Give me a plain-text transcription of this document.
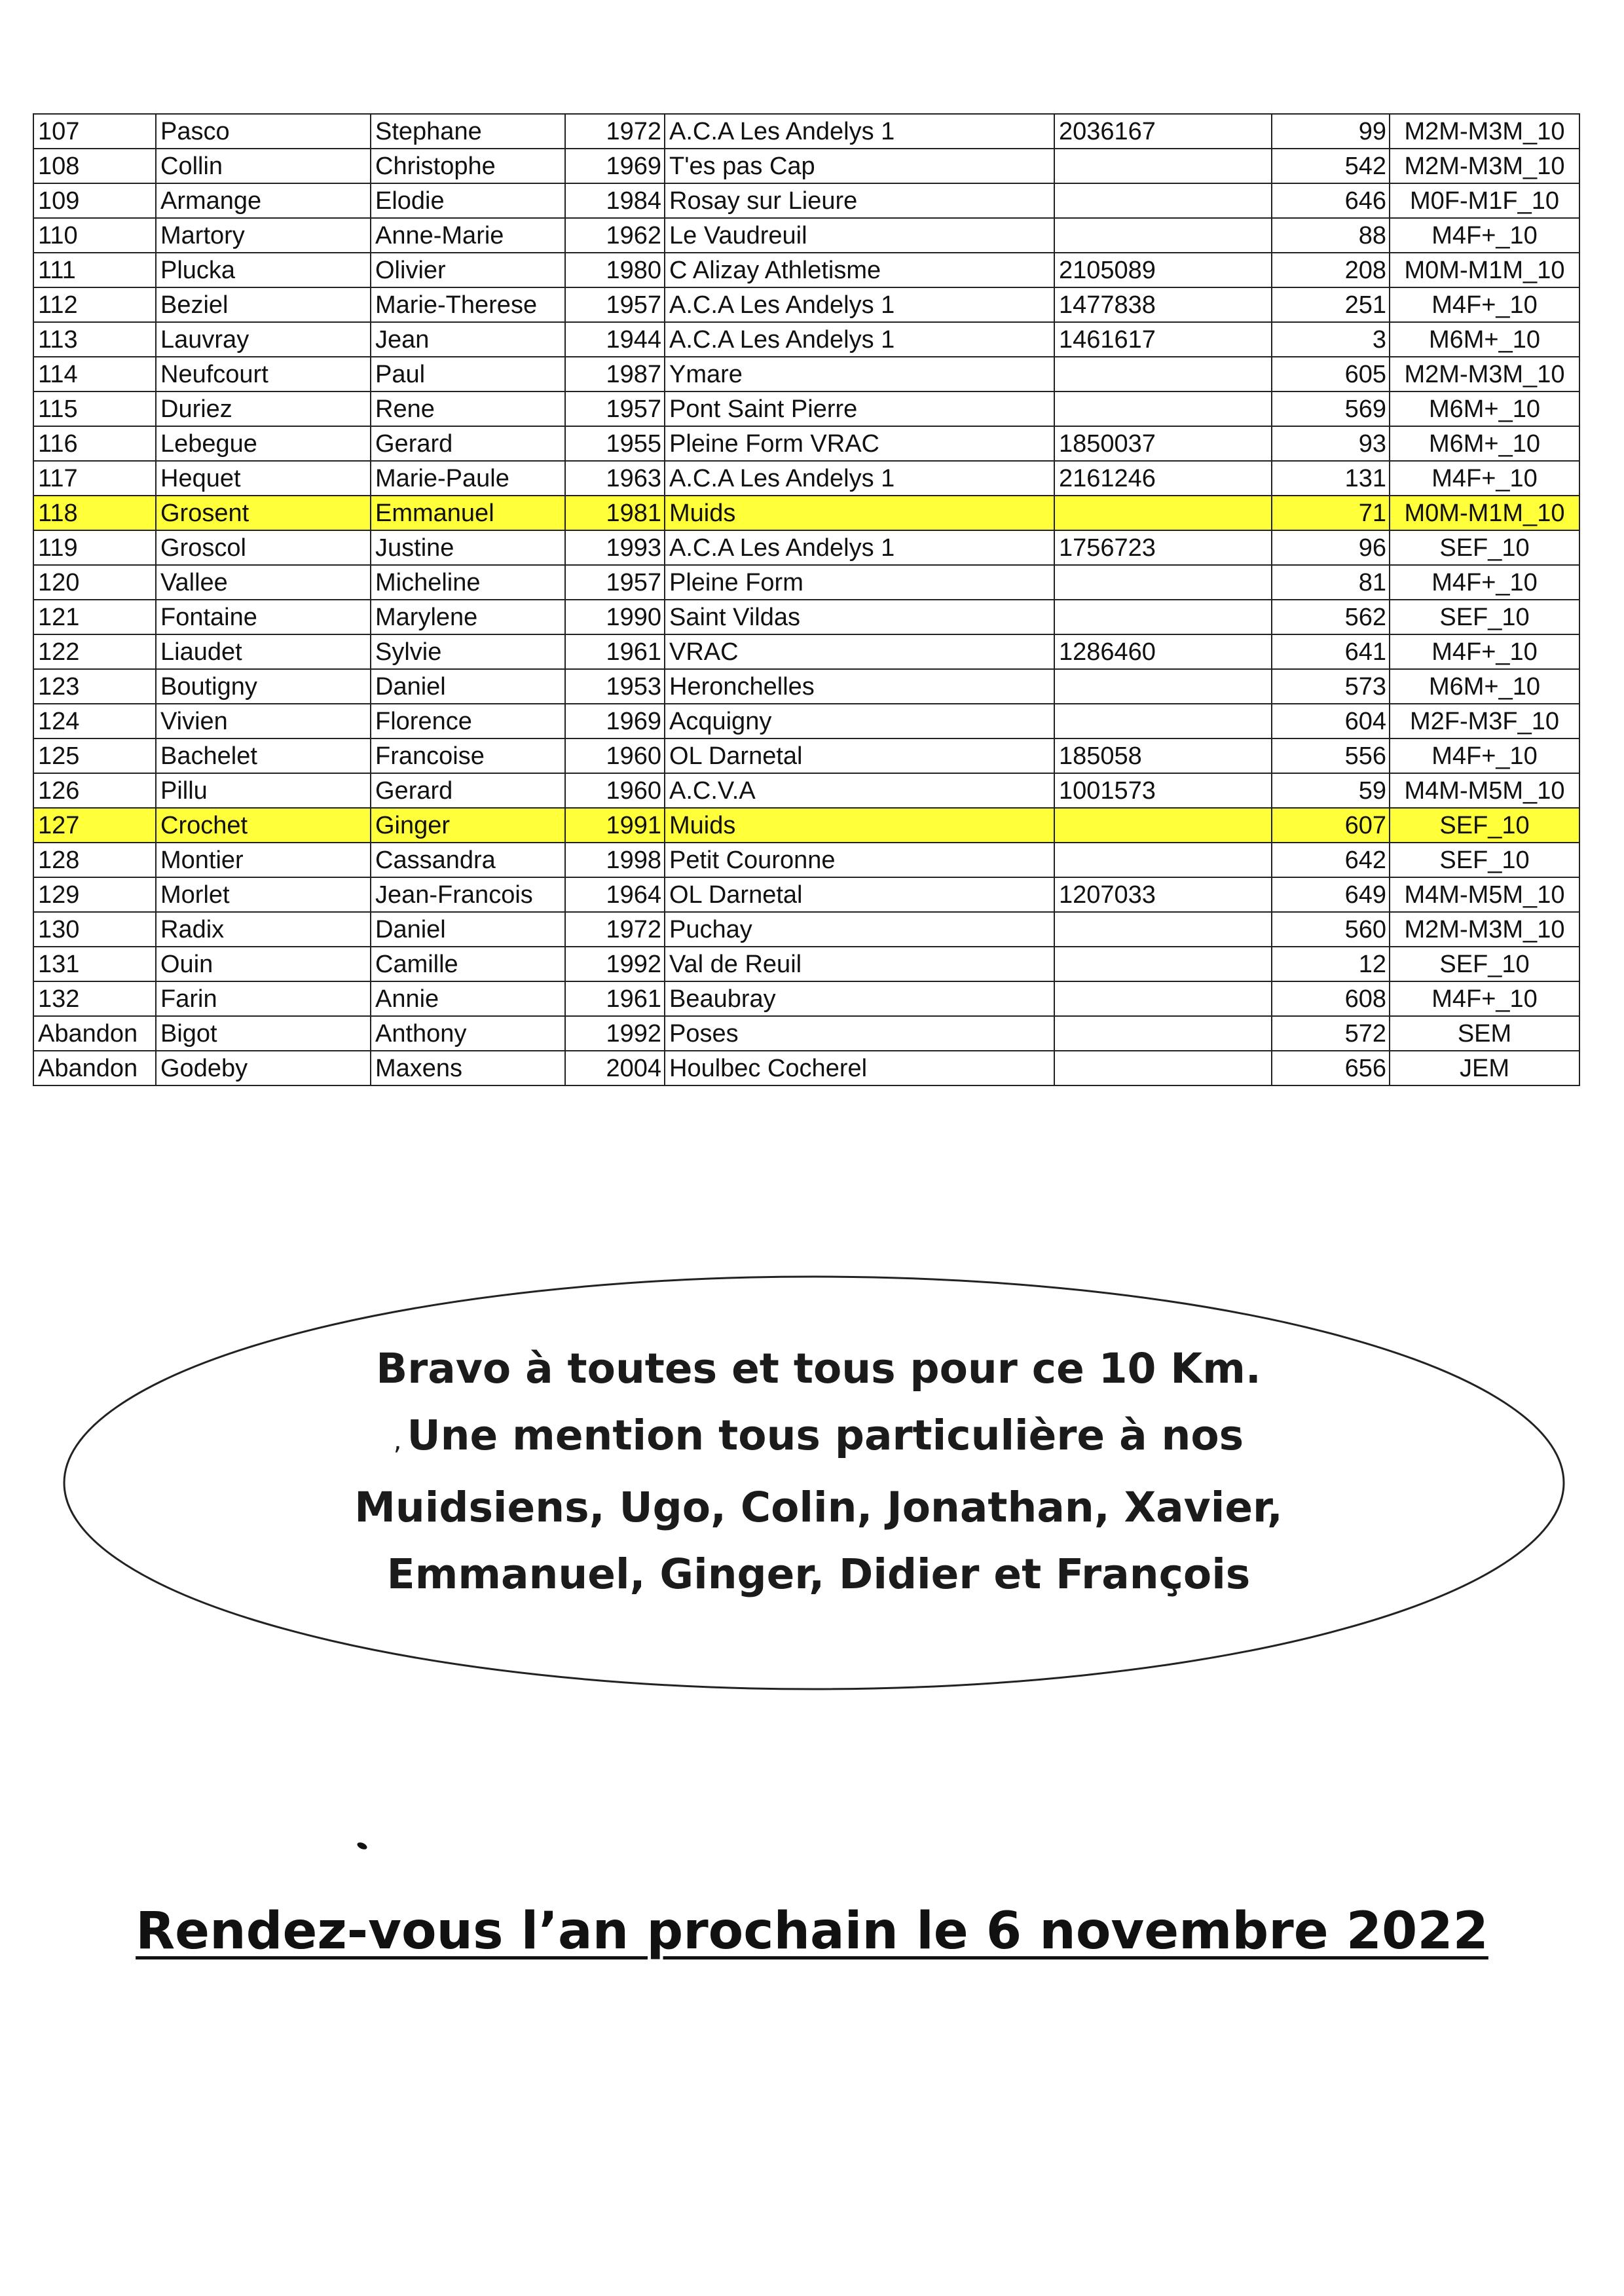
107	Pasco	Stephane	1972	A.C.A Les Andelys 1	2036167	99	M2M-M3M_10
108	Collin	Christophe	1969	T'es pas Cap		542	M2M-M3M_10
109	Armange	Elodie	1984	Rosay sur Lieure		646	M0F-M1F_10
110	Martory	Anne-Marie	1962	Le Vaudreuil		88	M4F+_10
111	Plucka	Olivier	1980	C Alizay Athletisme	2105089	208	M0M-M1M_10
112	Beziel	Marie-Therese	1957	A.C.A Les Andelys 1	1477838	251	M4F+_10
113	Lauvray	Jean	1944	A.C.A Les Andelys 1	1461617	3	M6M+_10
114	Neufcourt	Paul	1987	Ymare		605	M2M-M3M_10
115	Duriez	Rene	1957	Pont Saint Pierre		569	M6M+_10
116	Lebegue	Gerard	1955	Pleine Form VRAC	1850037	93	M6M+_10
117	Hequet	Marie-Paule	1963	A.C.A Les Andelys 1	2161246	131	M4F+_10
118	Grosent	Emmanuel	1981	Muids		71	M0M-M1M_10
119	Groscol	Justine	1993	A.C.A Les Andelys 1	1756723	96	SEF_10
120	Vallee	Micheline	1957	Pleine Form		81	M4F+_10
121	Fontaine	Marylene	1990	Saint Vildas		562	SEF_10
122	Liaudet	Sylvie	1961	VRAC	1286460	641	M4F+_10
123	Boutigny	Daniel	1953	Heronchelles		573	M6M+_10
124	Vivien	Florence	1969	Acquigny		604	M2F-M3F_10
125	Bachelet	Francoise	1960	OL Darnetal	185058	556	M4F+_10
126	Pillu	Gerard	1960	A.C.V.A	1001573	59	M4M-M5M_10
127	Crochet	Ginger	1991	Muids		607	SEF_10
128	Montier	Cassandra	1998	Petit Couronne		642	SEF_10
129	Morlet	Jean-Francois	1964	OL Darnetal	1207033	649	M4M-M5M_10
130	Radix	Daniel	1972	Puchay		560	M2M-M3M_10
131	Ouin	Camille	1992	Val de Reuil		12	SEF_10
132	Farin	Annie	1961	Beaubray		608	M4F+_10
Abandon	Bigot	Anthony	1992	Poses		572	SEM
Abandon	Godeby	Maxens	2004	Houlbec Cocherel		656	JEM
Bravo à toutes et tous pour ce 10 Km.
, Une mention tous particulière à nos
Muidsiens, Ugo, Colin, Jonathan, Xavier,
Emmanuel, Ginger, Didier et François
Rendez-vous l’an prochain le 6 novembre 2022
